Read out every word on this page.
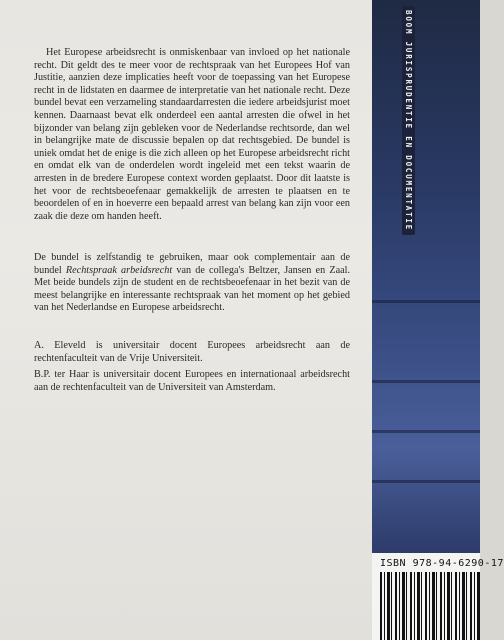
Het Europese arbeidsrecht is onmiskenbaar van invloed op het nationale recht. Dit geldt des te meer voor de rechtspraak van het Europees Hof van Justitie, aanzien deze implicaties heeft voor de toepassing van het Europese recht in de lidstaten en daarmee de interpretatie van het nationale recht. Deze bundel bevat een verzameling standaardarresten die iedere arbeidsjurist moet kennen. Daarnaast bevat elk onderdeel een aantal arresten die ofwel in het bijzonder van belang zijn gebleken voor de Nederlandse rechtsorde, dan wel in belangrijke mate de discussie bepalen op dat rechtsgebied. De bundel is uniek omdat het de enige is die zich alleen op het Europese arbeidsrecht richt en omdat elk van de onderdelen wordt ingeleid met een tekst waarin de arresten in de bredere Europese context worden geplaatst. Door dit laatste is het voor de rechtsbeoefenaar gemakkelijk de arresten te plaatsen en te beoordelen of en in hoeverre een bepaald arrest van belang kan zijn voor een zaak die deze om handen heeft.

De bundel is zelfstandig te gebruiken, maar ook complementair aan de bundel Rechtspraak arbeidsrecht van de collega's Beltzer, Jansen en Zaal. Met beide bundels zijn de student en de rechtsbeoefenaar in het bezit van de meest belangrijke en interessante rechtspraak van het moment op het gebied van het Nederlandse en Europese arbeidsrecht.

A. Eleveld is universitair docent Europees arbeidsrecht aan de rechtenfaculteit van de Vrije Universiteit.

B.P. ter Haar is universitair docent Europees en internationaal arbeidsrecht aan de rechtenfaculteit van de Universiteit van Amsterdam.

BOOM JURISPRUDENTIE EN DOCUMENTATIE
ISBN 978-94-6290-17
